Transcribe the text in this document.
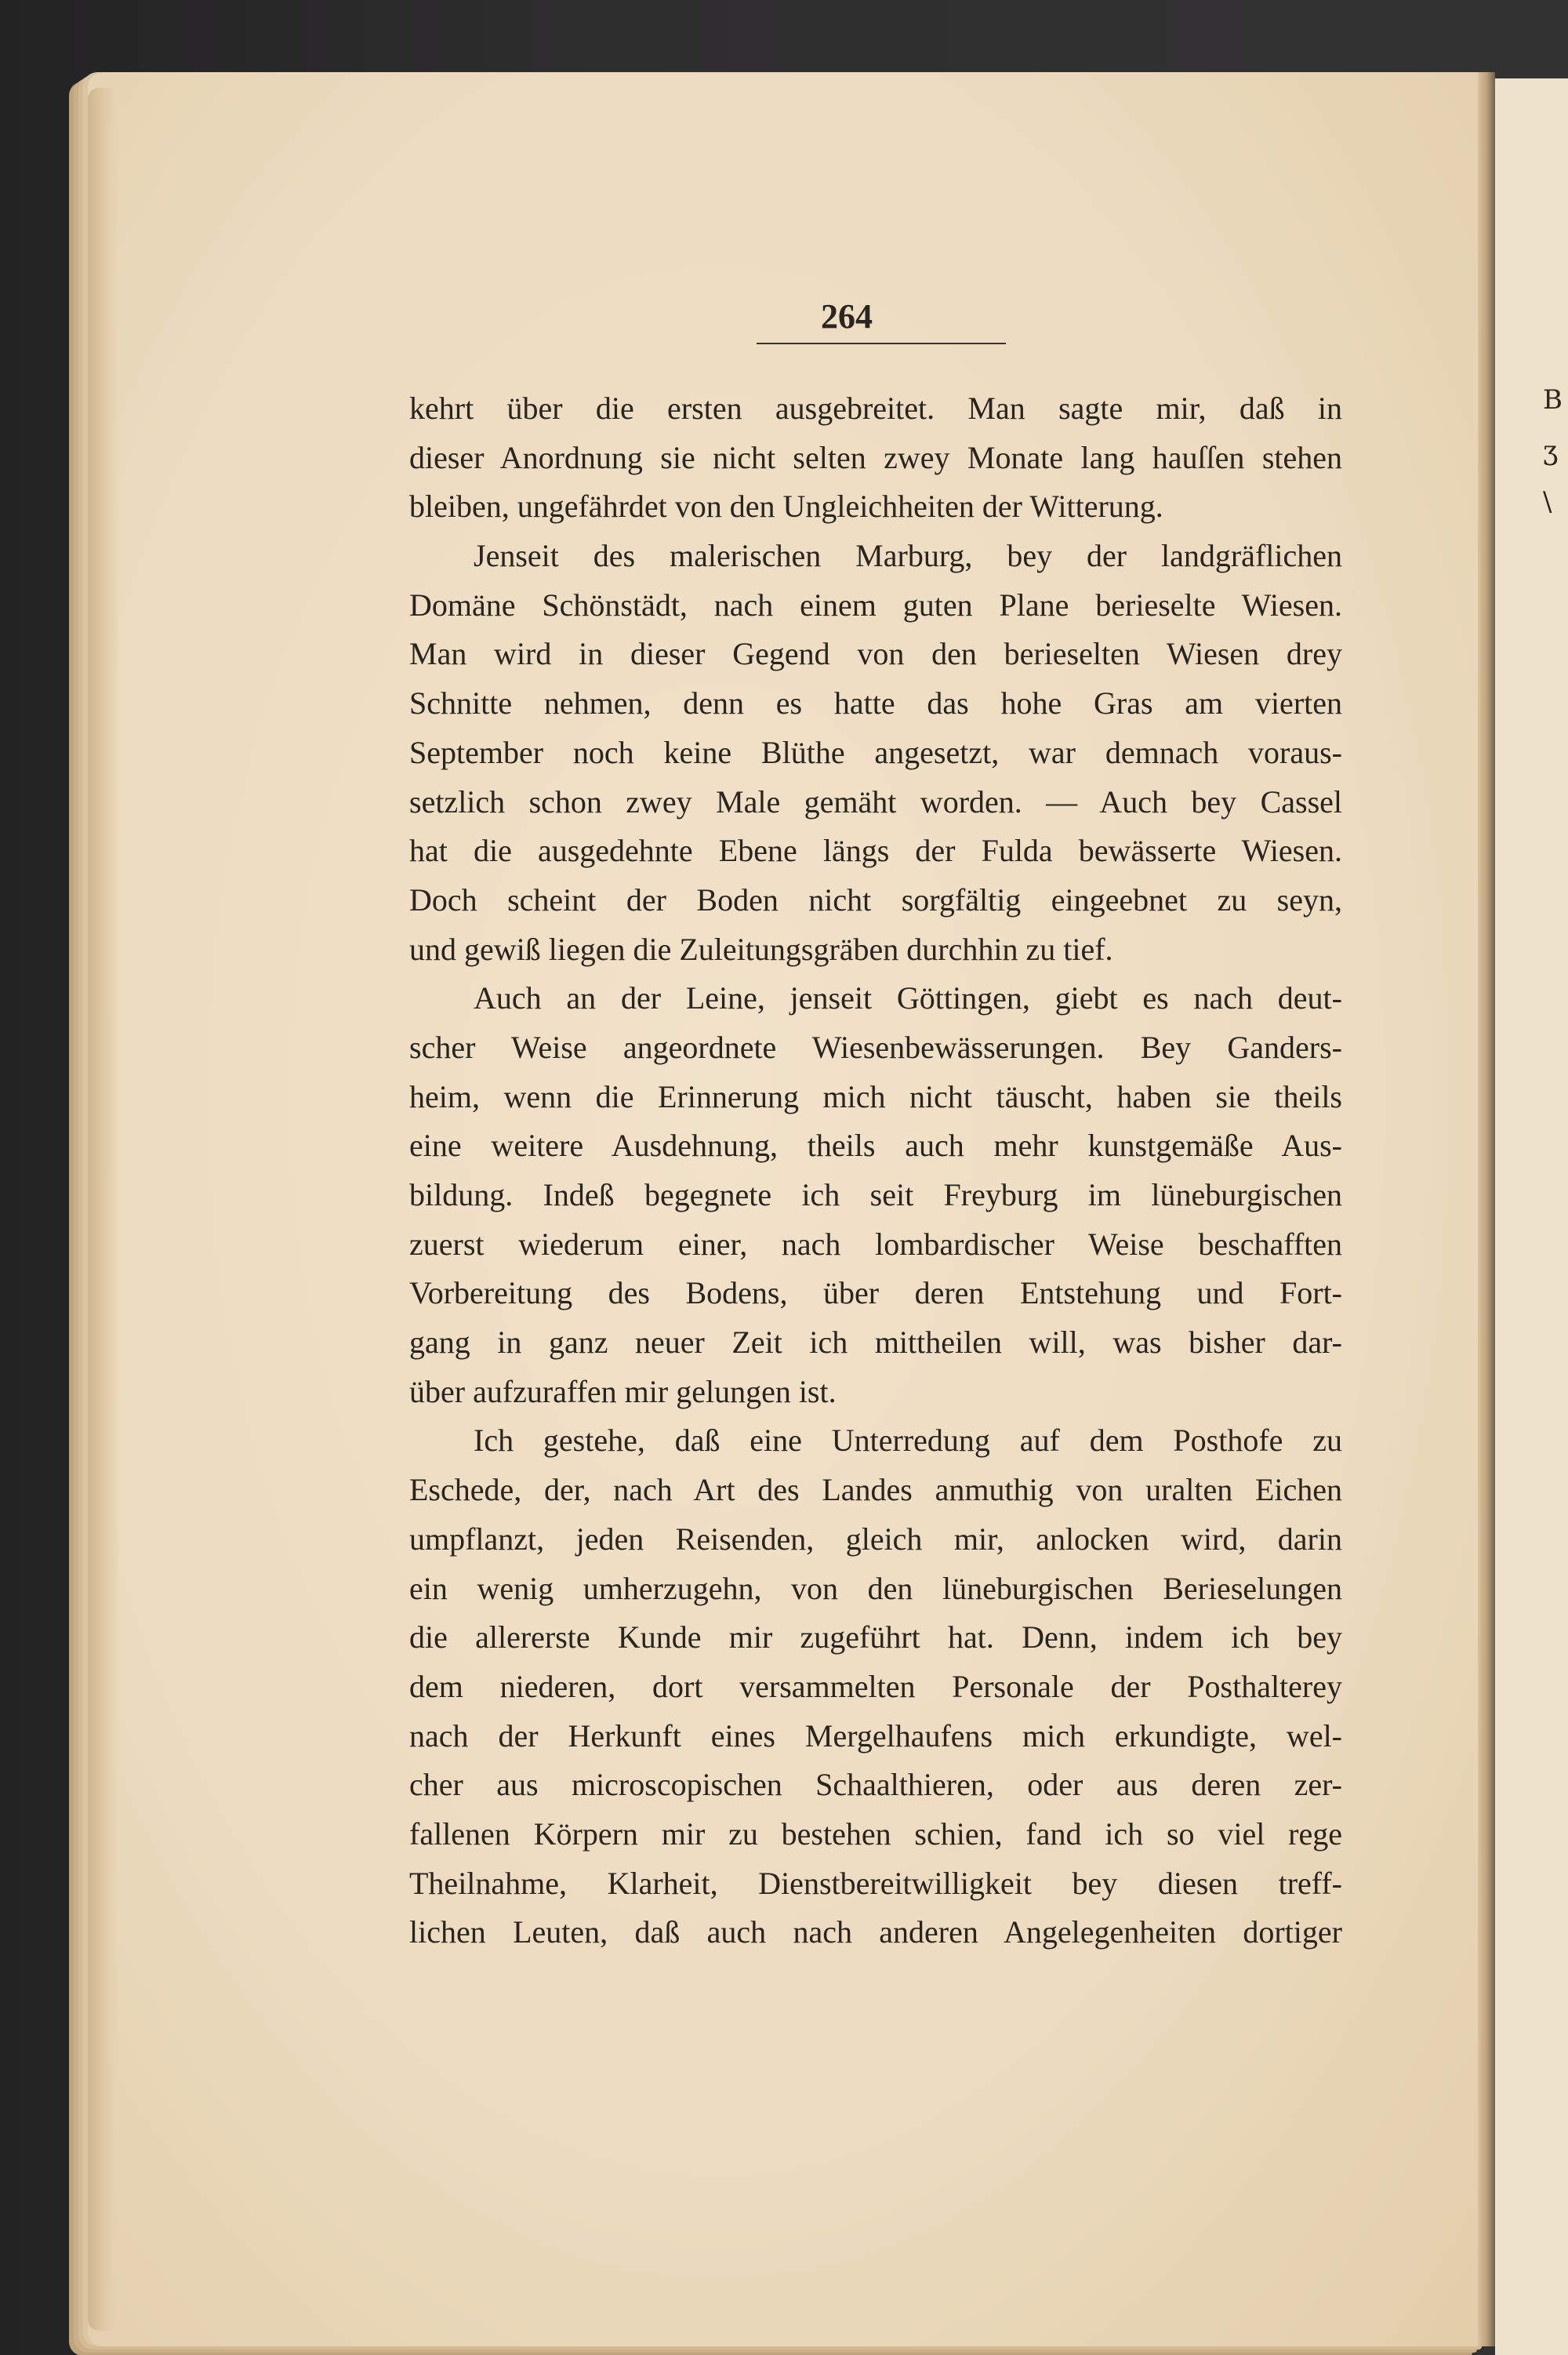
B
ʒ
\
264
kehrt über die ersten ausgebreitet. Man sagte mir, daß in
dieser Anordnung sie nicht selten zwey Monate lang hauſſen stehen
bleiben, ungefährdet von den Ungleichheiten der Witterung.
Jenseit des malerischen Marburg, bey der landgräflichen
Domäne Schönstädt, nach einem guten Plane berieselte Wiesen.
Man wird in dieser Gegend von den berieselten Wiesen drey
Schnitte nehmen, denn es hatte das hohe Gras am vierten
September noch keine Blüthe angesetzt, war demnach voraus-
setzlich schon zwey Male gemäht worden. — Auch bey Cassel
hat die ausgedehnte Ebene längs der Fulda bewässerte Wiesen.
Doch scheint der Boden nicht sorgfältig eingeebnet zu seyn,
und gewiß liegen die Zuleitungsgräben durchhin zu tief.
Auch an der Leine, jenseit Göttingen, giebt es nach deut-
scher Weise angeordnete Wiesenbewässerungen. Bey Ganders-
heim, wenn die Erinnerung mich nicht täuscht, haben sie theils
eine weitere Ausdehnung, theils auch mehr kunstgemäße Aus-
bildung. Indeß begegnete ich seit Freyburg im lüneburgischen
zuerst wiederum einer, nach lombardischer Weise beschafften
Vorbereitung des Bodens, über deren Entstehung und Fort-
gang in ganz neuer Zeit ich mittheilen will, was bisher dar-
über aufzuraffen mir gelungen ist.
Ich gestehe, daß eine Unterredung auf dem Posthofe zu
Eschede, der, nach Art des Landes anmuthig von uralten Eichen
umpflanzt, jeden Reisenden, gleich mir, anlocken wird, darin
ein wenig umherzugehn, von den lüneburgischen Berieselungen
die allererste Kunde mir zugeführt hat. Denn, indem ich bey
dem niederen, dort versammelten Personale der Posthalterey
nach der Herkunft eines Mergelhaufens mich erkundigte, wel-
cher aus microscopischen Schaalthieren, oder aus deren zer-
fallenen Körpern mir zu bestehen schien, fand ich so viel rege
Theilnahme, Klarheit, Dienstbereitwilligkeit bey diesen treff-
lichen Leuten, daß auch nach anderen Angelegenheiten dortiger
